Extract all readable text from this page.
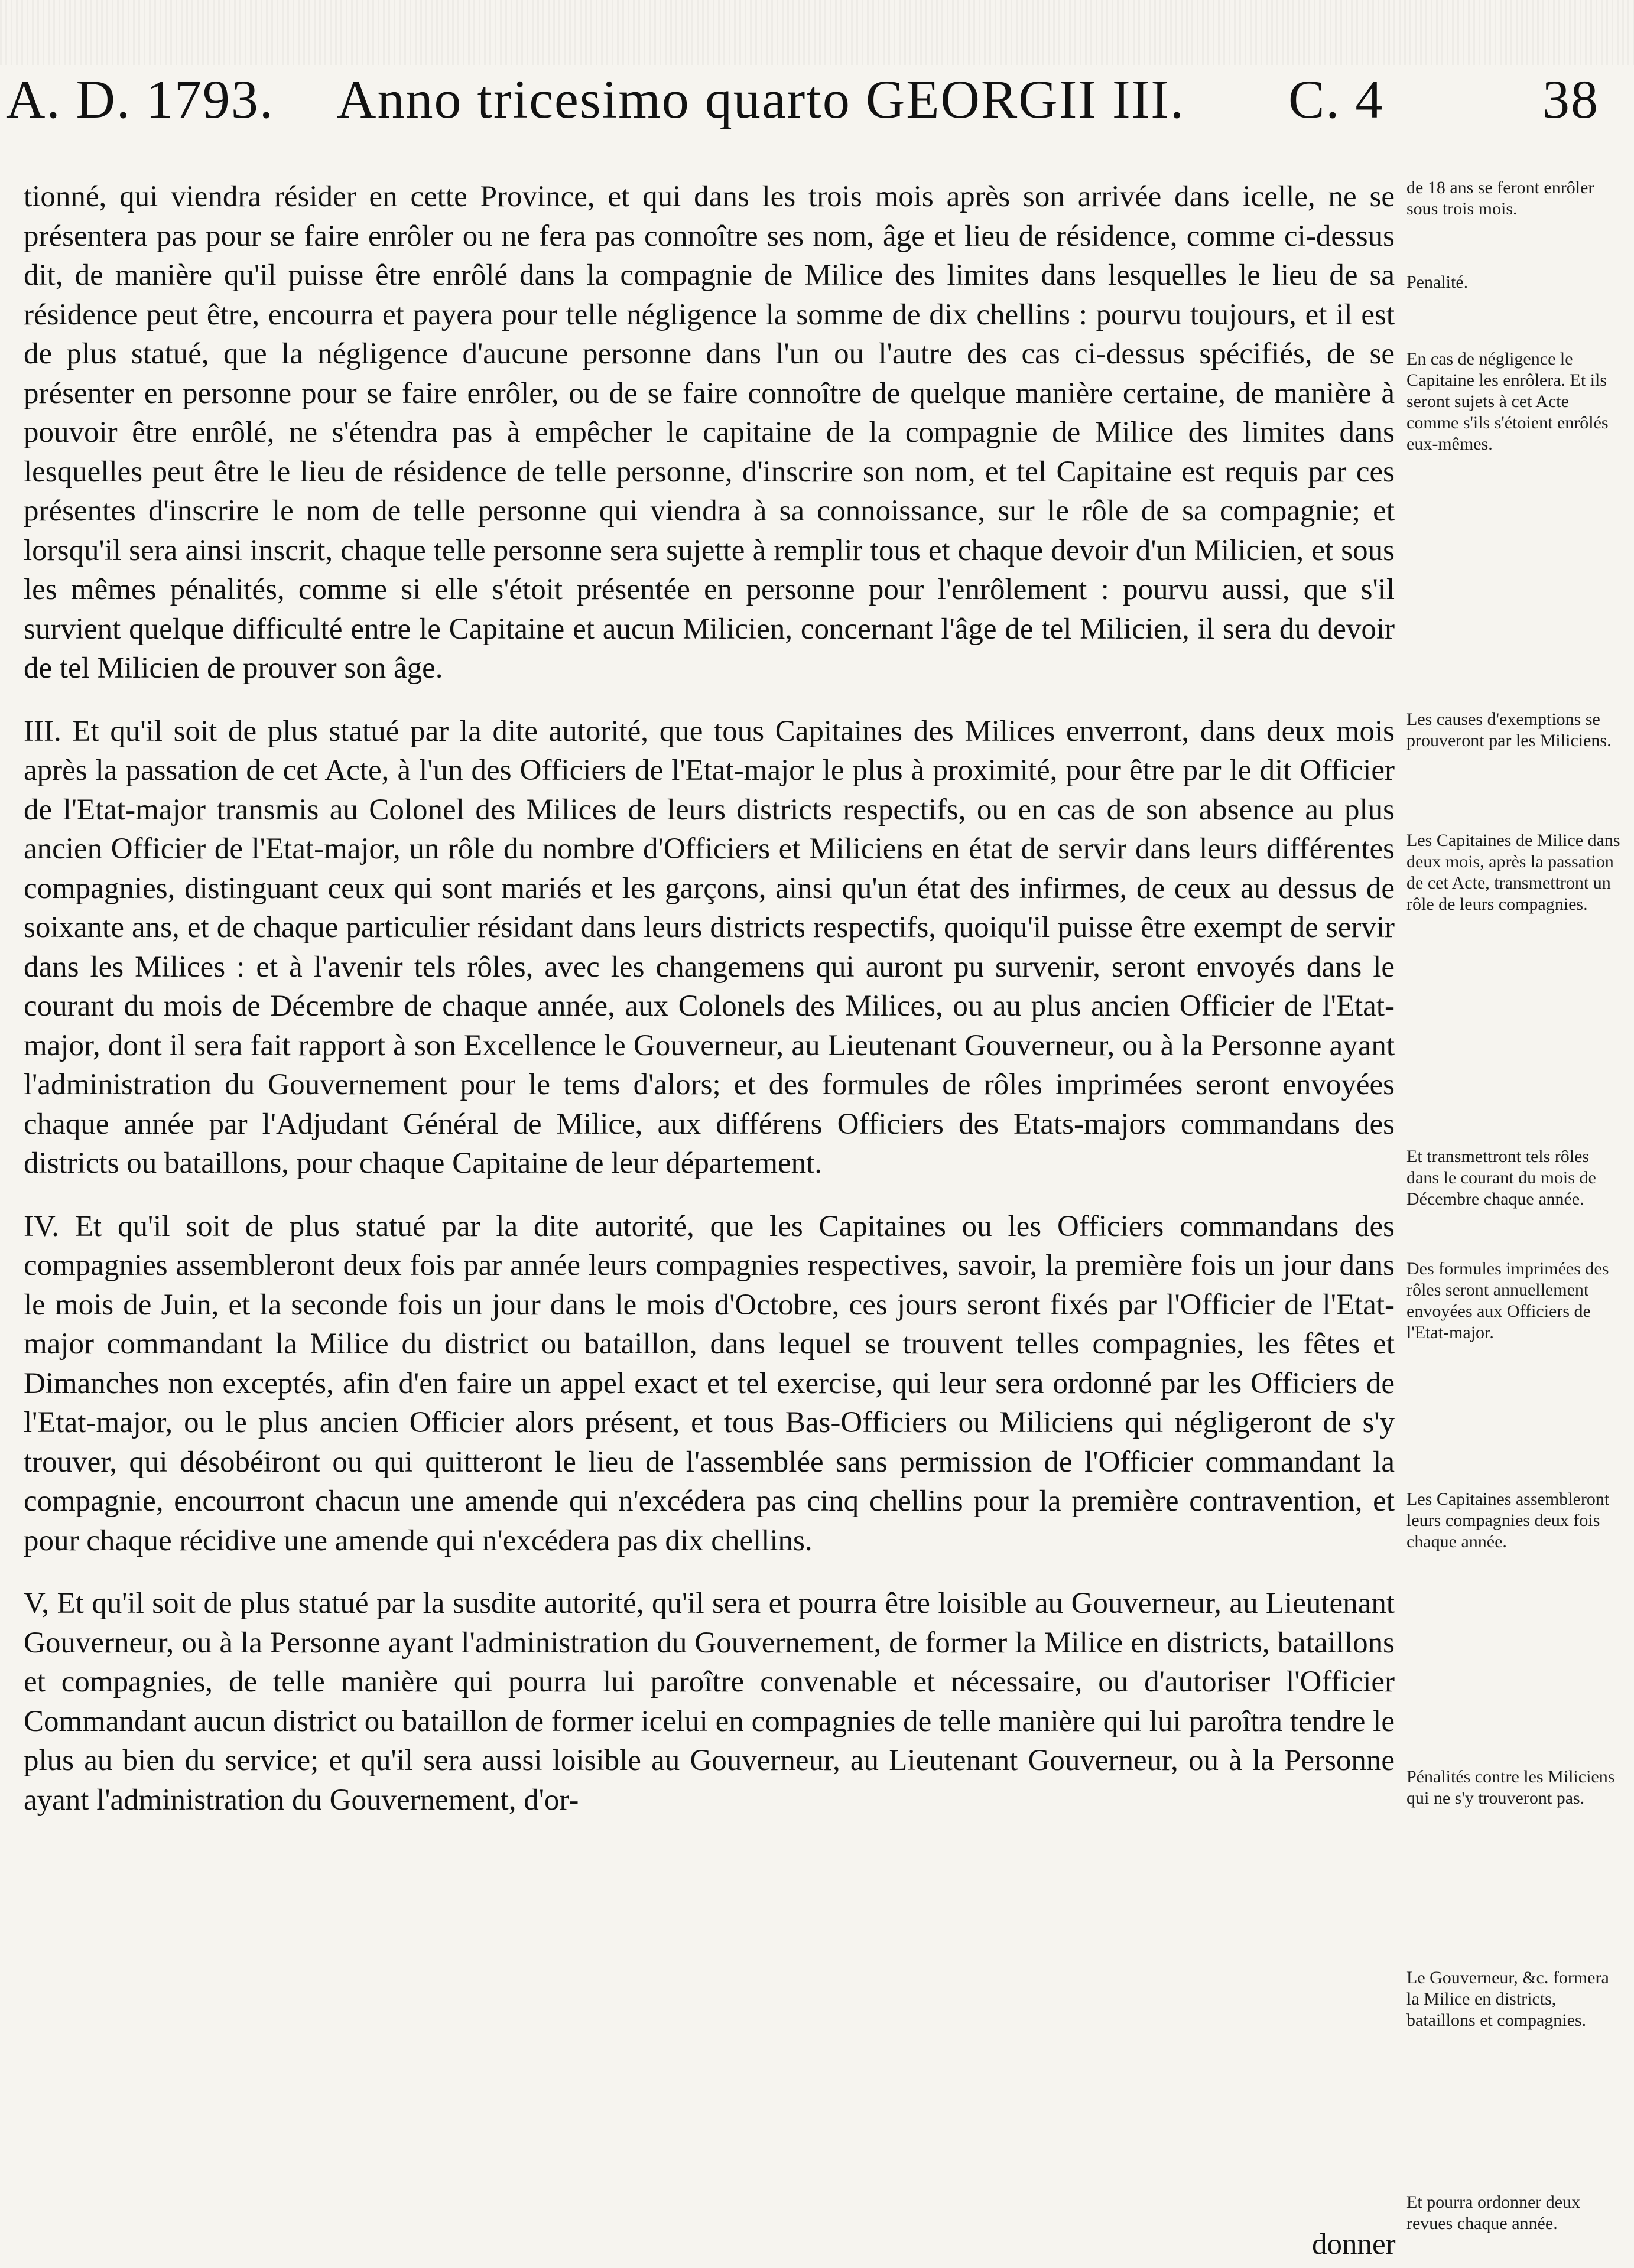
A. D. 1793. Anno tricesimo quarto GEORGII III. C. 4	38

tionné, qui viendra résider en cette Province, et qui dans les trois mois après son arrivée dans icelle, ne se présentera pas pour se faire enrôler ou ne fera pas connoître ses nom, âge et lieu de résidence, comme ci-dessus dit, de manière qu'il puisse être enrôlé dans la compagnie de Milice des limites dans lesquelles le lieu de sa résidence peut être, encourra et payera pour telle négligence la somme de dix chellins : pourvu toujours, et il est de plus statué, que la négligence d'aucune personne dans l'un ou l'autre des cas ci-dessus spécifiés, de se présenter en personne pour se faire enrôler, ou de se faire connoître de quelque manière certaine, de manière à pouvoir être enrôlé, ne s'étendra pas à empêcher le capitaine de la compagnie de Milice des limites dans lesquelles peut être le lieu de résidence de telle personne, d'inscrire son nom, et tel Capitaine est requis par ces présentes d'inscrire le nom de telle personne qui viendra à sa connoissance, sur le rôle de sa compagnie; et lorsqu'il sera ainsi inscrit, chaque telle personne sera sujette à remplir tous et chaque devoir d'un Milicien, et sous les mêmes pénalités, comme si elle s'étoit présentée en personne pour l'enrôlement : pourvu aussi, que s'il survient quelque difficulté entre le Capitaine et aucun Milicien, concernant l'âge de tel Milicien, il sera du devoir de tel Milicien de prouver son âge.

III. Et qu'il soit de plus statué par la dite autorité, que tous Capitaines des Milices enverront, dans deux mois après la passation de cet Acte, à l'un des Officiers de l'Etat-major le plus à proximité, pour être par le dit Officier de l'Etat-major transmis au Colonel des Milices de leurs districts respectifs, ou en cas de son absence au plus ancien Officier de l'Etat-major, un rôle du nombre d'Officiers et Miliciens en état de servir dans leurs différentes compagnies, distinguant ceux qui sont mariés et les garçons, ainsi qu'un état des infirmes, de ceux au dessus de soixante ans, et de chaque particulier résidant dans leurs districts respectifs, quoiqu'il puisse être exempt de servir dans les Milices : et à l'avenir tels rôles, avec les changemens qui auront pu survenir, seront envoyés dans le courant du mois de Décembre de chaque année, aux Colonels des Milices, ou au plus ancien Officier de l'Etat-major, dont il sera fait rapport à son Excellence le Gouverneur, au Lieutenant Gouverneur, ou à la Personne ayant l'administration du Gouvernement pour le tems d'alors; et des formules de rôles imprimées seront envoyées chaque année par l'Adjudant Général de Milice, aux différens Officiers des Etats-majors commandans des districts ou bataillons, pour chaque Capitaine de leur département.

IV. Et qu'il soit de plus statué par la dite autorité, que les Capitaines ou les Officiers commandans des compagnies assembleront deux fois par année leurs compagnies respectives, savoir, la première fois un jour dans le mois de Juin, et la seconde fois un jour dans le mois d'Octobre, ces jours seront fixés par l'Officier de l'Etat-major commandant la Milice du district ou bataillon, dans lequel se trouvent telles compagnies, les fêtes et Dimanches non exceptés, afin d'en faire un appel exact et tel exercise, qui leur sera ordonné par les Officiers de l'Etat-major, ou le plus ancien Officier alors présent, et tous Bas-Officiers ou Miliciens qui négligeront de s'y trouver, qui désobéiront ou qui quitteront le lieu de l'assemblée sans permission de l'Officier commandant la compagnie, encourront chacun une amende qui n'excédera pas cinq chellins pour la première contravention, et pour chaque récidive une amende qui n'excédera pas dix chellins.

V, Et qu'il soit de plus statué par la susdite autorité, qu'il sera et pourra être loisible au Gouverneur, au Lieutenant Gouverneur, ou à la Personne ayant l'administration du Gouvernement, de former la Milice en districts, bataillons et compagnies, de telle manière qui pourra lui paroître convenable et nécessaire, ou d'autoriser l'Officier Commandant aucun district ou bataillon de former icelui en compagnies de telle manière qui lui paroîtra tendre le plus au bien du service; et qu'il sera aussi loisible au Gouverneur, au Lieutenant Gouverneur, ou à la Personne ayant l'administration du Gouvernement, d'or-

de 18 ans se feront enrôler sous trois mois.
Penalité.
En cas de négligence le Capitaine les enrôlera. Et ils seront sujets à cet Acte comme s'ils s'étoient enrôlés eux-mêmes.
Les causes d'exemptions se prouveront par les Miliciens.
Les Capitaines de Milice dans deux mois, après la passation de cet Acte, transmettront un rôle de leurs compagnies.
Et transmettront tels rôles dans le courant du mois de Décembre chaque année.
Des formules imprimées des rôles seront annuellement envoyées aux Officiers de l'Etat-major.
Les Capitaines assembleront leurs compagnies deux fois chaque année.
Pénalités contre les Miliciens qui ne s'y trouveront pas.
Le Gouverneur, &c. formera la Milice en districts, bataillons et compagnies.
Et pourra ordonner deux revues chaque année.
donner
